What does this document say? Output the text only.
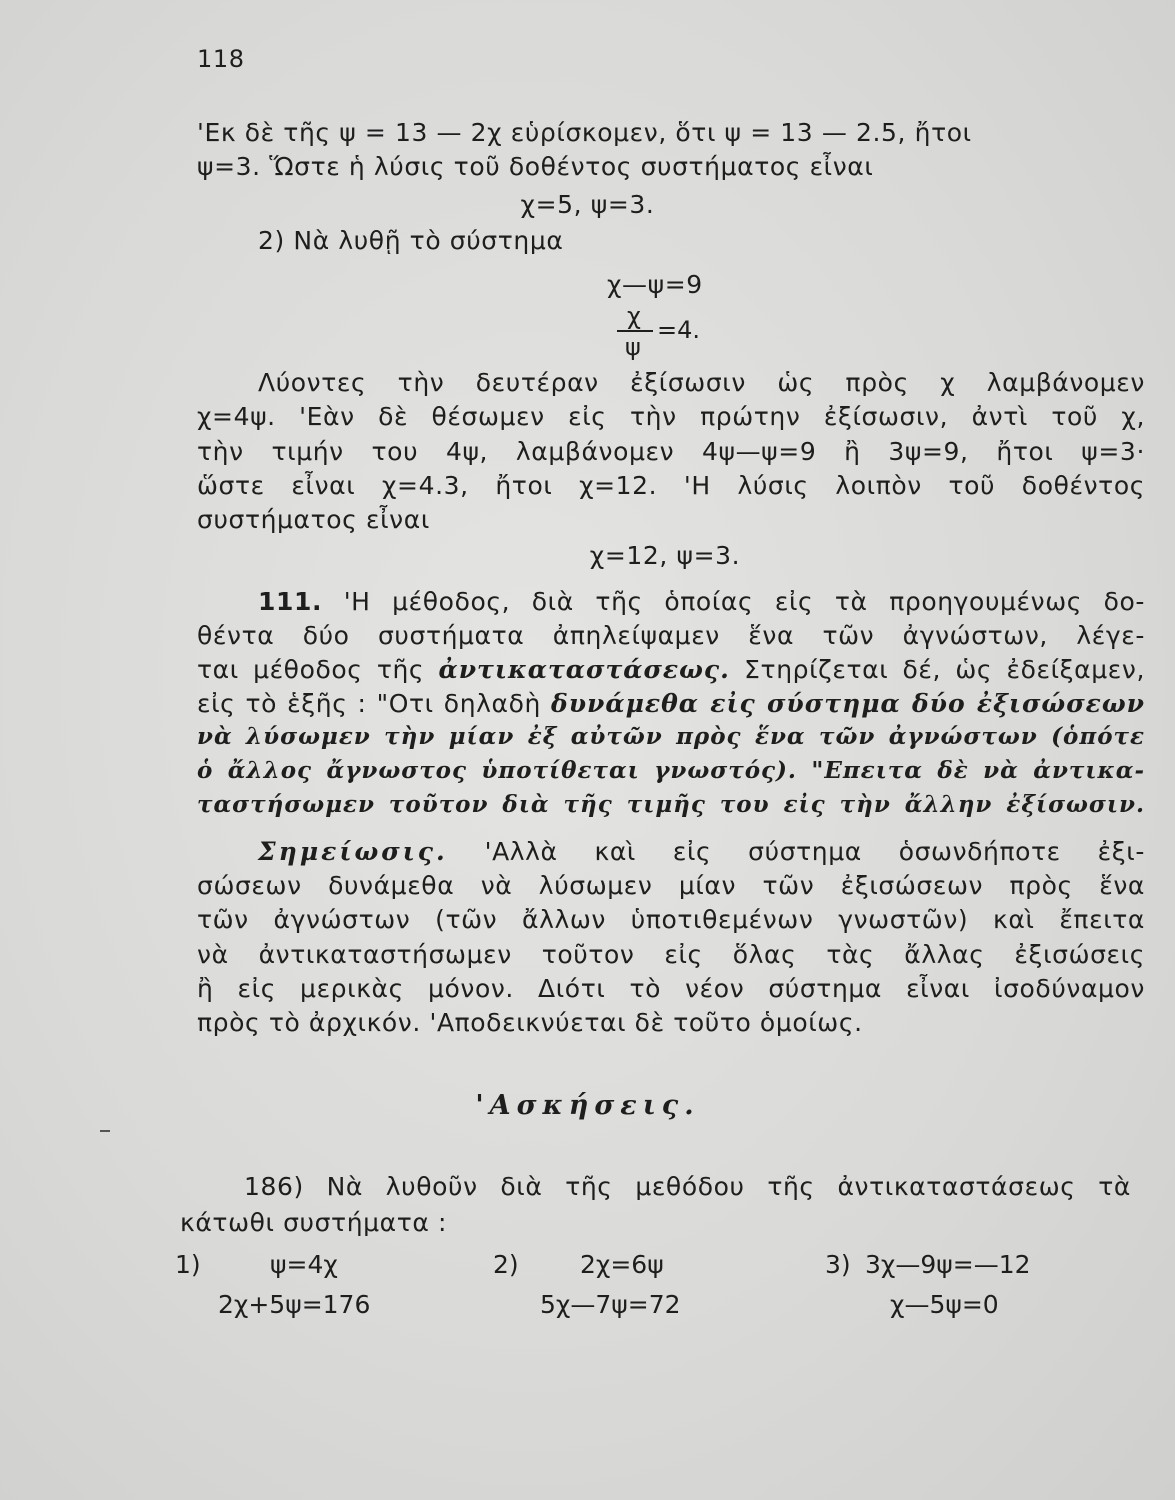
118
'Εκ δὲ τῆς ψ = 13 — 2χ εὑρίσκομεν, ὅτι ψ = 13 — 2.5, ἤτοι
ψ=3. Ὥστε ἡ λύσις τοῦ δοθέντος συστήματος εἶναι
χ=5, ψ=3.
2) Νὰ λυθῇ τὸ σύστημα
χ—ψ=9
χ
ψ
=4.
Λύοντες τὴν δευτέραν ἐξίσωσιν ὡς πρὸς χ λαμβάνομεν
χ=4ψ. 'Εὰν δὲ θέσωμεν εἰς τὴν πρώτην ἐξίσωσιν, ἀντὶ τοῦ χ,
τὴν τιμήν του 4ψ, λαμβάνομεν 4ψ—ψ=9 ἢ 3ψ=9, ἤτοι ψ=3·
ὥστε εἶναι χ=4.3, ἤτοι χ=12. 'Η λύσις λοιπὸν τοῦ δοθέντος
συστήματος εἶναι
χ=12, ψ=3.
111. 'Η μέθοδος, διὰ τῆς ὁποίας εἰς τὰ προηγουμένως δο-
θέντα δύο συστήματα ἀπηλείψαμεν ἕνα τῶν ἀγνώστων, λέγε-
ται μέθοδος τῆς ἀντικαταστάσεως. Στηρίζεται δέ, ὡς ἐδείξαμεν,
εἰς τὸ ἑξῆς : "Οτι δηλαδὴ δυνάμεθα εἰς σύστημα δύο ἐξισώσεων
νὰ λύσωμεν τὴν μίαν ἐξ αὐτῶν πρὸς ἕνα τῶν ἀγνώστων (ὁπότε
ὁ ἄλλος ἄγνωστος ὑποτίθεται γνωστός). "Επειτα δὲ νὰ ἀντικα-
ταστήσωμεν τοῦτον διὰ τῆς τιμῆς του εἰς τὴν ἄλλην ἐξίσωσιν.
Σημείωσις. 'Αλλὰ καὶ εἰς σύστημα ὁσωνδήποτε ἐξι-
σώσεων δυνάμεθα νὰ λύσωμεν μίαν τῶν ἐξισώσεων πρὸς ἕνα
τῶν ἀγνώστων (τῶν ἄλλων ὑποτιθεμένων γνωστῶν) καὶ ἔπειτα
νὰ ἀντικαταστήσωμεν τοῦτον εἰς ὅλας τὰς ἄλλας ἐξισώσεις
ἢ εἰς μερικὰς μόνον. Διότι τὸ νέον σύστημα εἶναι ἰσοδύναμον
πρὸς τὸ ἀρχικόν. 'Αποδεικνύεται δὲ τοῦτο ὁμοίως.
'Ασκήσεις.
186) Νὰ λυθοῦν διὰ τῆς μεθόδου τῆς ἀντικαταστάσεως τὰ
κάτωθι συστήματα :
1)	ψ=4χ
2χ+5ψ=176
2) 2χ=6ψ
5χ—7ψ=72
3) 3χ—9ψ=—12
χ—5ψ=0
